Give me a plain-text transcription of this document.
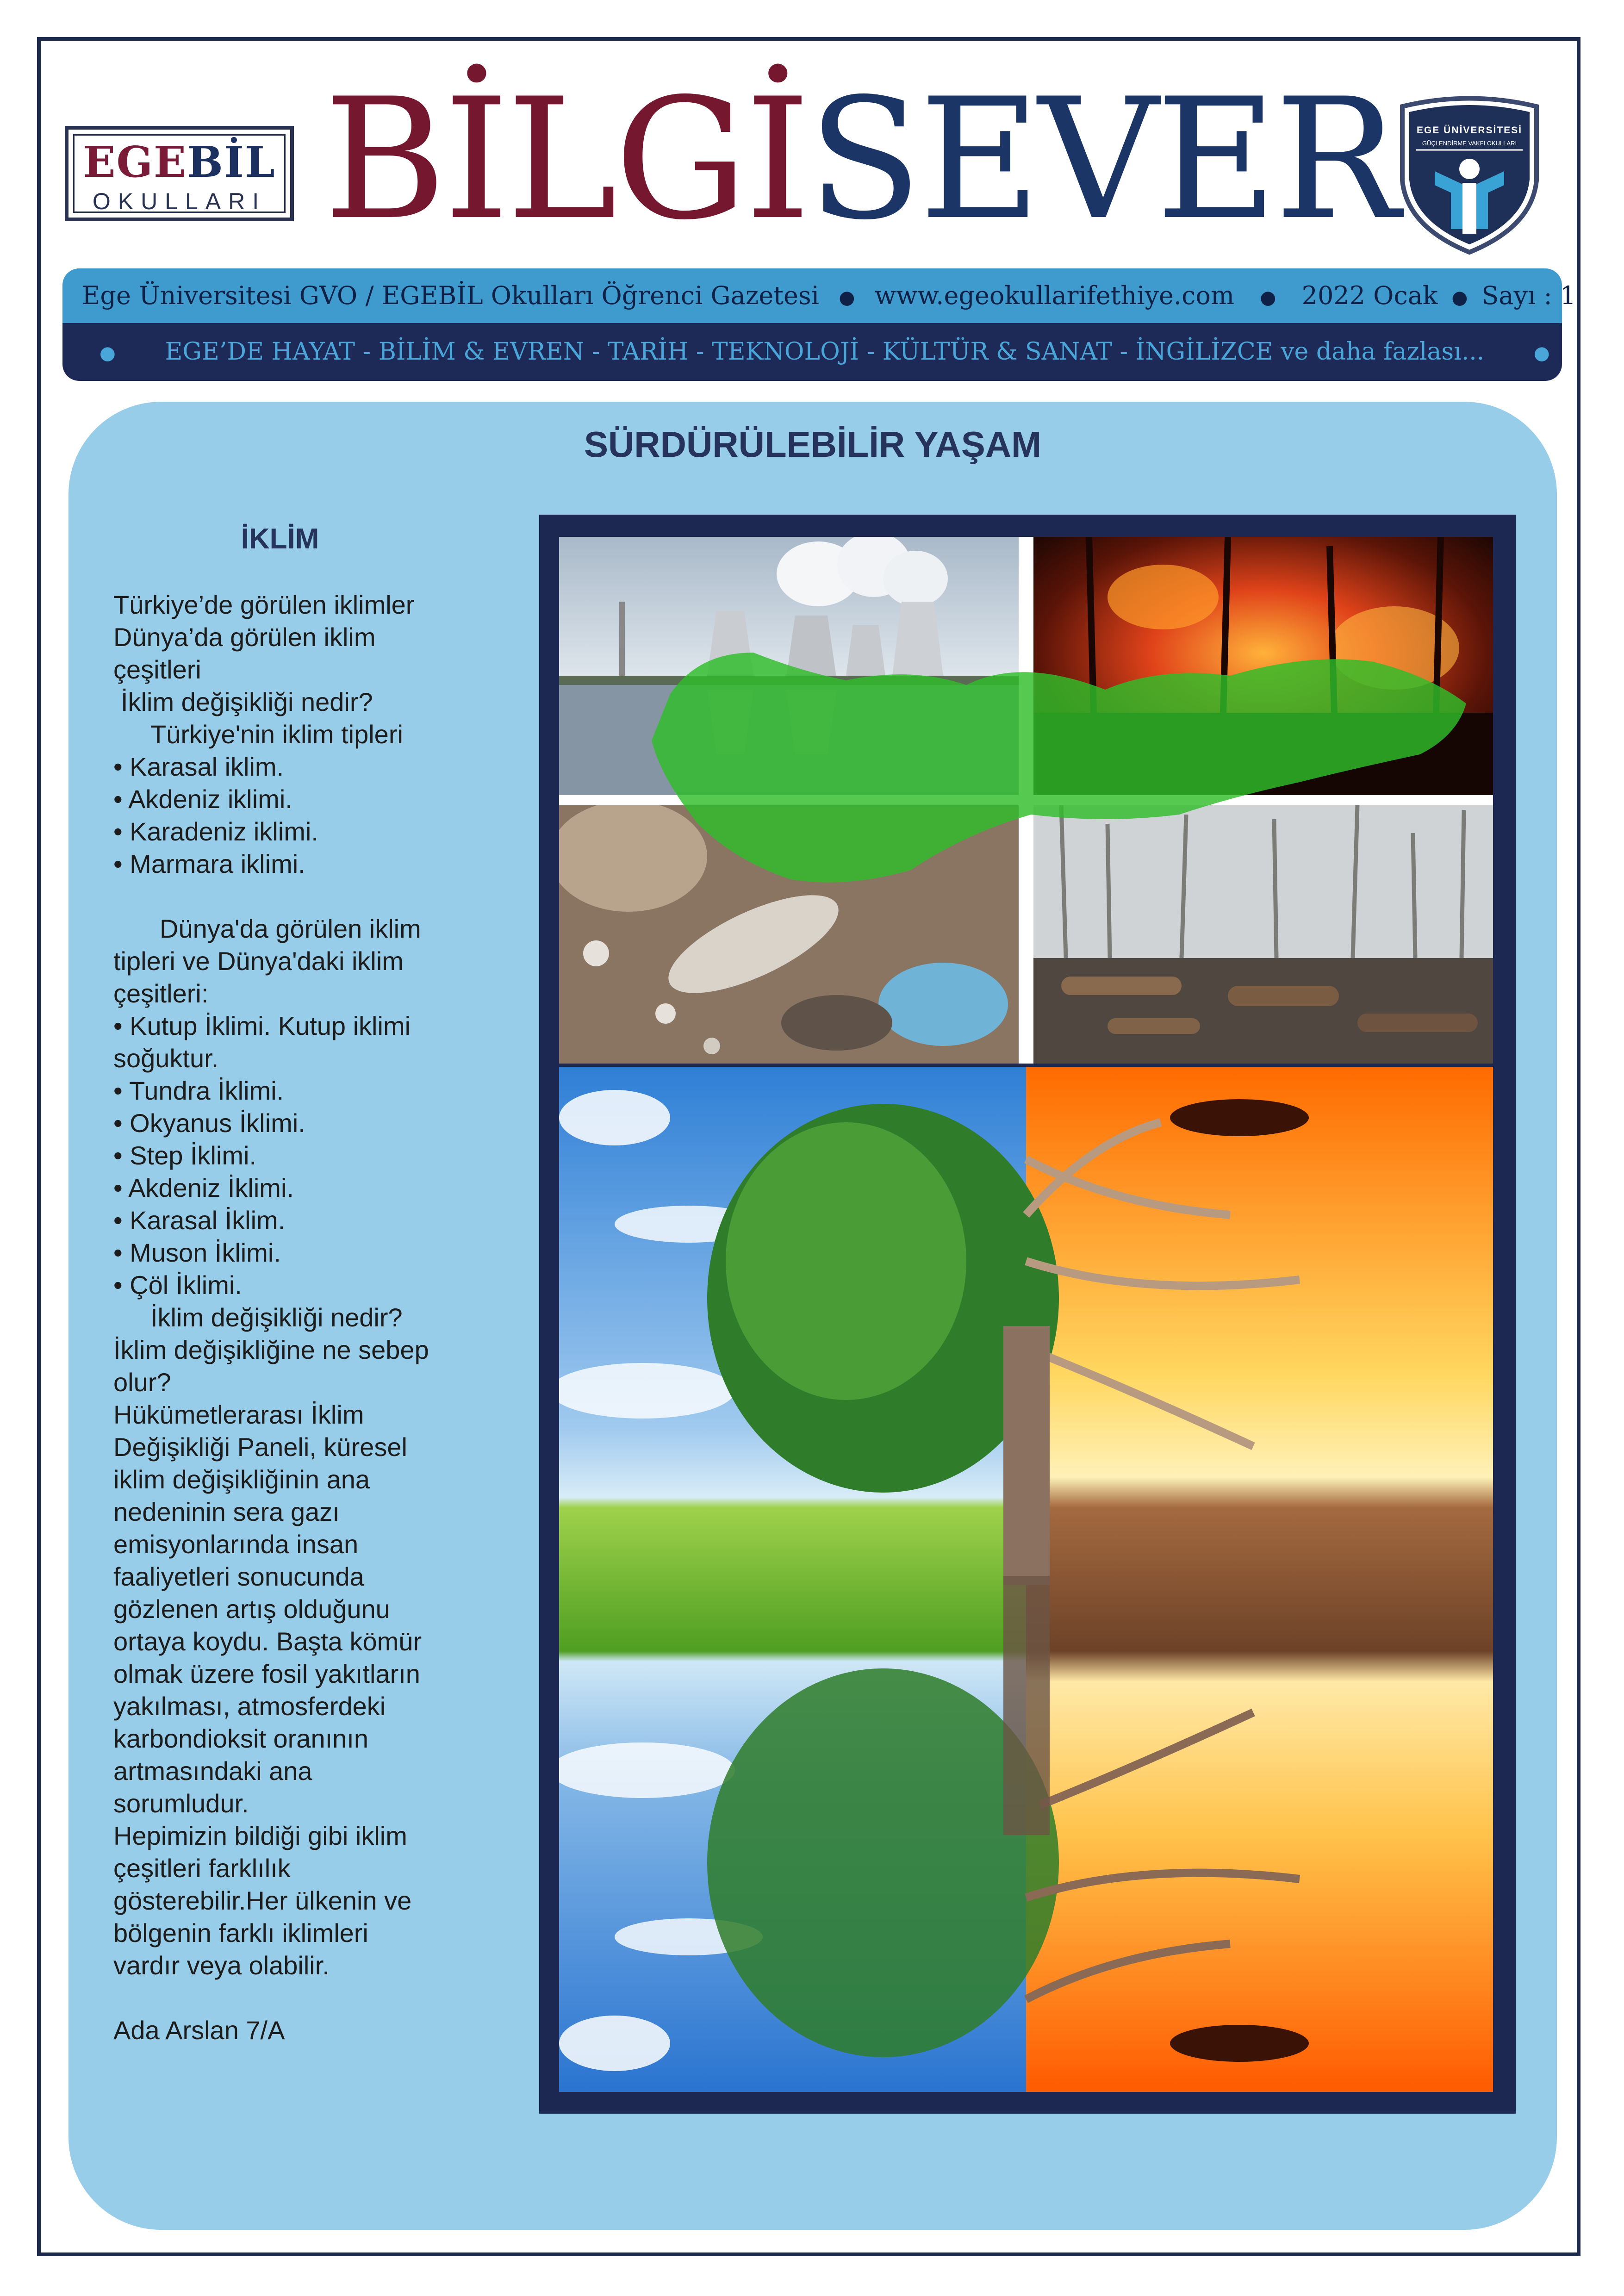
EGEBİL
OKULLARI BİLGİSEVER EGE ÜNİVERSİTESİ
GÜÇLENDİRME VAKFI OKULLARI
Ege Üniversitesi GVO / EGEBİL Okulları Öğrenci Gazetesi   ●   www.egeokullarifethiye.com    ●    2022 Ocak  ●  Sayı : 1
● EGE’DE HAYAT - BİLİM & EVREN - TARİH - TEKNOLOJİ - KÜLTÜR & SANAT - İNGİLİZCE ve daha fazlası...	●
SÜRDÜRÜLEBİLİR YAŞAM
İKLİM
Türkiye’de görülen iklimler
Dünya’da görülen iklim
çeşitleri
İklim değişikliği nedir?
Türkiye'nin iklim tipleri
• Karasal iklim.
• Akdeniz iklimi.
• Karadeniz iklimi.
• Marmara iklimi.
Dünya'da görülen iklim
tipleri ve Dünya'daki iklim
çeşitleri:
• Kutup İklimi. Kutup iklimi
soğuktur.
• Tundra İklimi.
• Okyanus İklimi.
• Step İklimi.
• Akdeniz İklimi.
• Karasal İklim.
• Muson İklimi.
• Çöl İklimi.
İklim değişikliği nedir?
İklim değişikliğine ne sebep
olur?
Hükümetlerarası İklim
Değişikliği Paneli, küresel
iklim değişikliğinin ana
nedeninin sera gazı
emisyonlarında insan
faaliyetleri sonucunda
gözlenen artış olduğunu
ortaya koydu. Başta kömür
olmak üzere fosil yakıtların
yakılması, atmosferdeki
karbondioksit oranının
artmasındaki ana
sorumludur.
Hepimizin bildiği gibi iklim
çeşitleri farklılık
gösterebilir.Her ülkenin ve
bölgenin farklı iklimleri
vardır veya olabilir.
Ada Arslan 7/A
